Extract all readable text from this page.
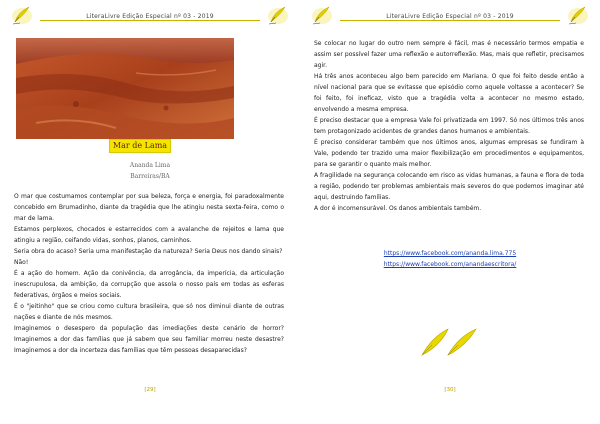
LiteraLivre Edição Especial nº 03 - 2019
Mar de Lama
Ananda Lima
Barreiras/BA

O mar que costumamos contemplar por sua beleza, força e energia, foi paradoxalmente concebido em Brumadinho, diante da tragédia que lhe atingiu nesta sexta-feira, como o mar de lama.

Estamos perplexos, chocados e estarrecidos com a avalanche de rejeitos e lama que atingiu a região, ceifando vidas, sonhos, planos, caminhos.

Seria obra do acaso? Seria uma manifestação da natureza? Seria Deus nos dando sinais?

Não!

É a ação do homem. Ação da conivência, da arrogância, da imperícia, da articulação inescrupulosa, da ambição, da corrupção que assola o nosso país em todas as esferas federativas, órgãos e meios sociais.

É o "jeitinho" que se criou como cultura brasileira, que só nos diminui diante de outras nações e diante de nós mesmos.

Imaginemos o desespero da população das imediações deste cenário de horror? Imaginemos a dor das famílias que já sabem que seu familiar morreu neste desastre? Imaginemos a dor da incerteza das famílias que têm pessoas desaparecidas?

[29]
LiteraLivre Edição Especial nº 03 - 2019

Se colocar no lugar do outro nem sempre é fácil, mas é necessário termos empatia e assim ser possível fazer uma reflexão e autorreflexão. Mas, mais que refletir, precisamos agir.

Há três anos aconteceu algo bem parecido em Mariana. O que foi feito desde então a nível nacional para que se evitasse que episódio como aquele voltasse a acontecer? Se foi feito, foi ineficaz, visto que a tragédia volta a acontecer no mesmo estado, envolvendo a mesma empresa.

É preciso destacar que a empresa Vale foi privatizada em 1997. Só nos últimos três anos tem protagonizado acidentes de grandes danos humanos e ambientais.

É preciso considerar também que nos últimos anos, algumas empresas se fundiram à Vale, podendo ter trazido uma maior flexibilização em procedimentos e equipamentos, para se garantir o quanto mais melhor.

A fragilidade na segurança colocando em risco as vidas humanas, a fauna e flora de toda a região, podendo ter problemas ambientais mais severos do que podemos imaginar até aqui, destruindo famílias.

A dor é incomensurável. Os danos ambientais também.

https://www.facebook.com/ananda.lima.775
https://www.facebook.com/anandaescritora/
[30]
